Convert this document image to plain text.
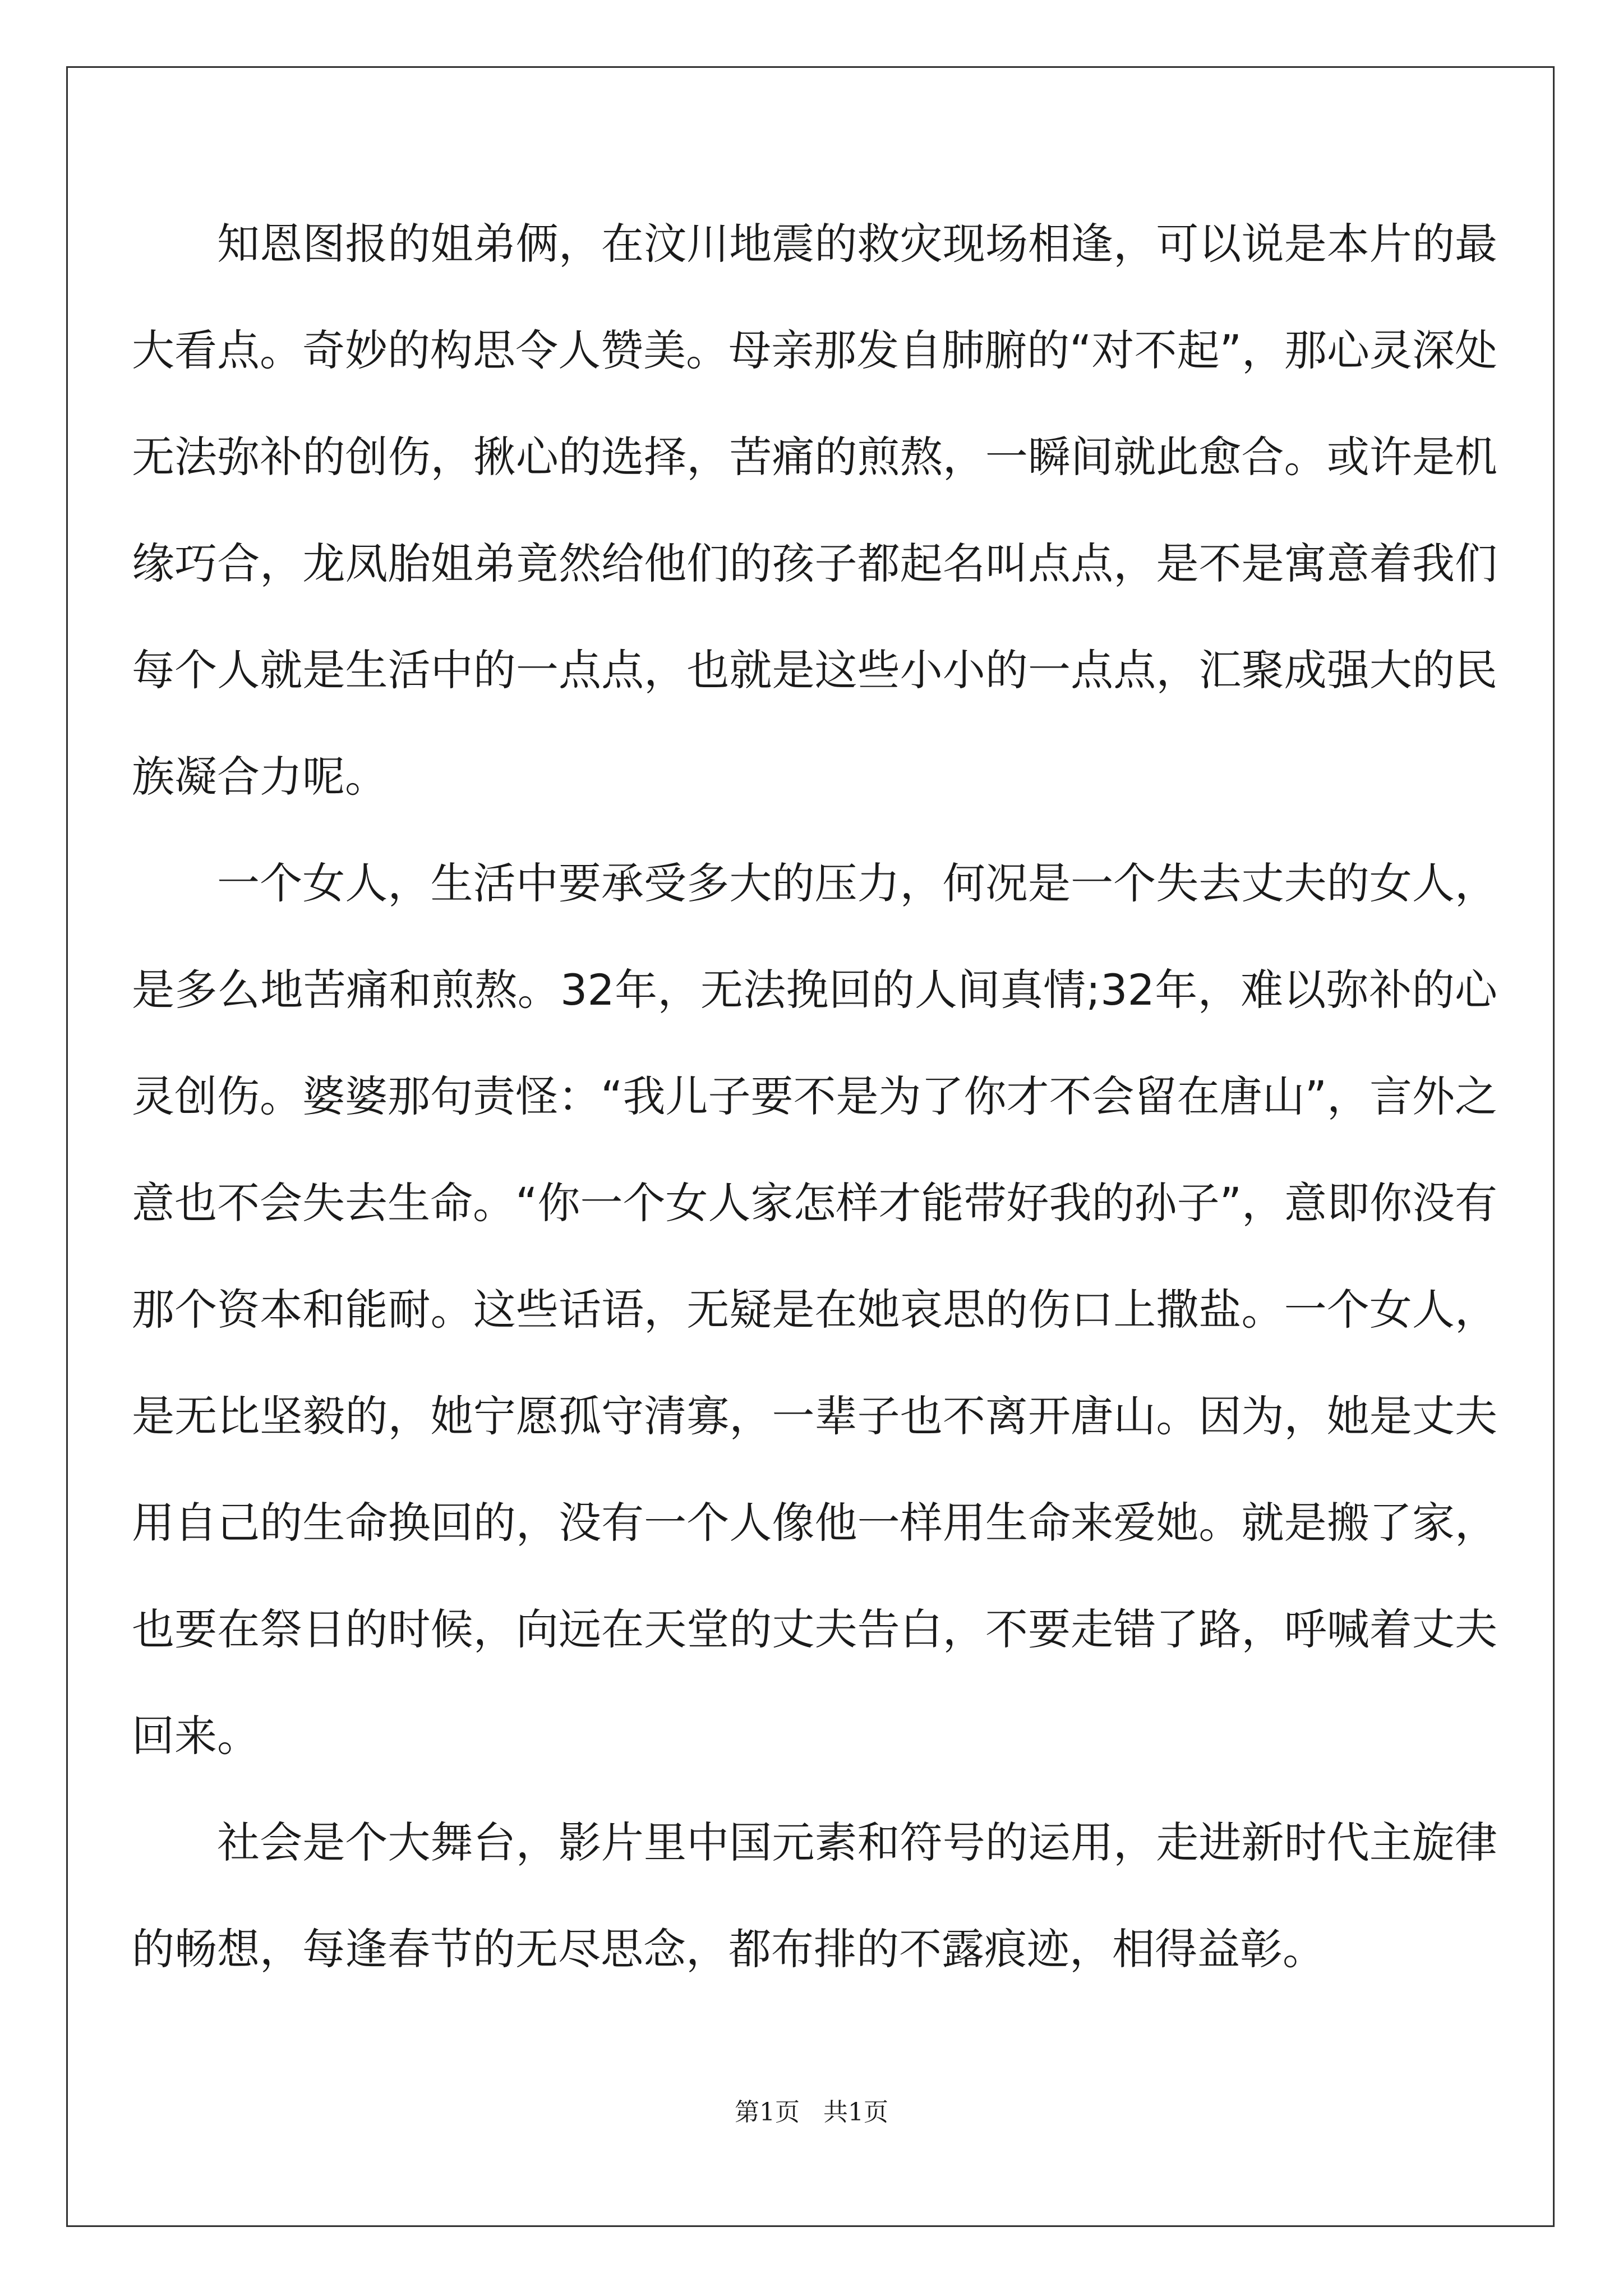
知恩图报的姐弟俩，在汶川地震的救灾现场相逢，可以说是本片的最大看点。奇妙的构思令人赞美。母亲那发自肺腑的“对不起”，那心灵深处无法弥补的创伤，揪心的选择，苦痛的煎熬，一瞬间就此愈合。或许是机缘巧合，龙凤胎姐弟竟然给他们的孩子都起名叫点点，是不是寓意着我们每个人就是生活中的一点点，也就是这些小小的一点点，汇聚成强大的民族凝合力呢。

一个女人，生活中要承受多大的压力，何况是一个失去丈夫的女人，是多么地苦痛和煎熬。32年，无法挽回的人间真情;32年，难以弥补的心灵创伤。婆婆那句责怪：“我儿子要不是为了你才不会留在唐山”，言外之意也不会失去生命。“你一个女人家怎样才能带好我的孙子”，意即你没有那个资本和能耐。这些话语，无疑是在她哀思的伤口上撒盐。一个女人，是无比坚毅的，她宁愿孤守清寡，一辈子也不离开唐山。因为，她是丈夫用自己的生命换回的，没有一个人像他一样用生命来爱她。就是搬了家，也要在祭日的时候，向远在天堂的丈夫告白，不要走错了路，呼喊着丈夫回来。

社会是个大舞台，影片里中国元素和符号的运用，走进新时代主旋律的畅想，每逢春节的无尽思念，都布排的不露痕迹，相得益彰。

第1页   共1页
